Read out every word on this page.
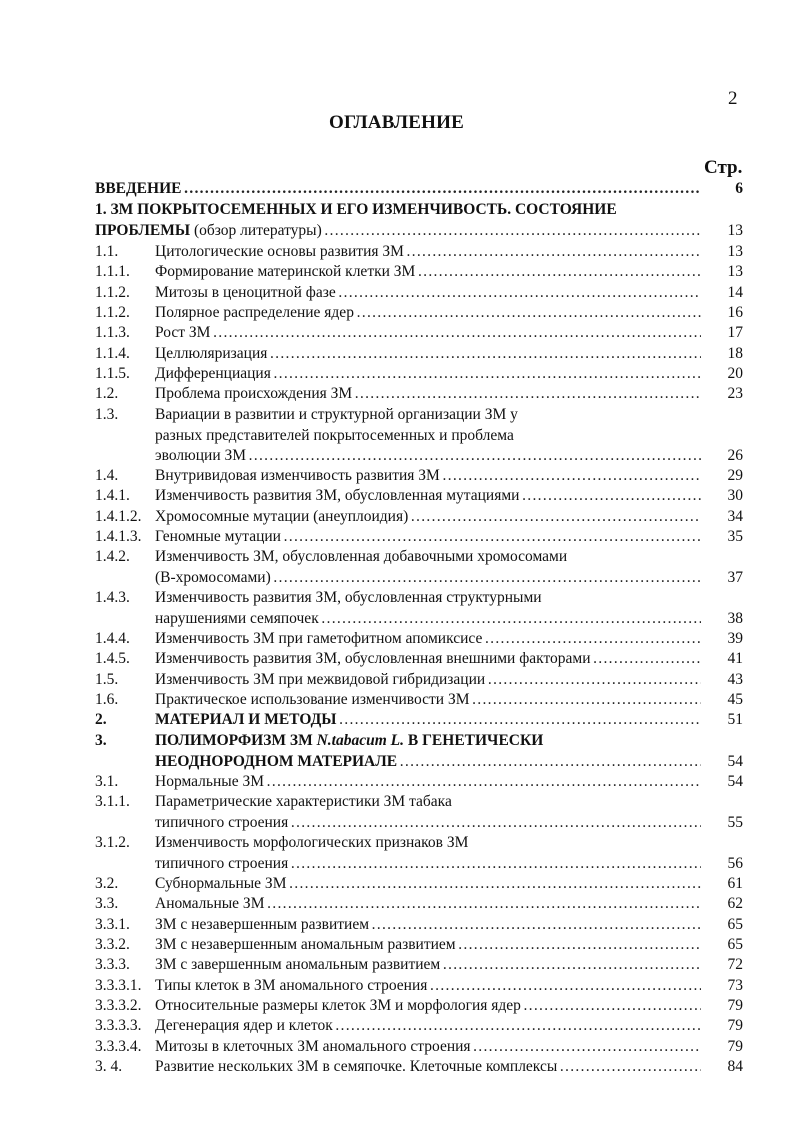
2
ОГЛАВЛЕНИЕ
Стр.
ВВЕДЕНИЕ …………………………………………………………………………………………………………………………………………………………………………	6
1. ЗМ ПОКРЫТОСЕМЕННЫХ И ЕГО ИЗМЕНЧИВОСТЬ. СОСТОЯНИЕ
ПРОБЛЕМЫ (обзор литературы) …………………………………………………………………………………………………………………………………………………………………………	13
1.1.	Цитологические основы развития ЗМ …………………………………………………………………………………………………………………………………………………………………………	13
1.1.1.	Формирование материнской клетки ЗМ …………………………………………………………………………………………………………………………………………………………………………	13
1.1.2.	Митозы в ценоцитной фазе …………………………………………………………………………………………………………………………………………………………………………	14
1.1.2.	Полярное распределение ядер …………………………………………………………………………………………………………………………………………………………………………	16
1.1.3.	Рост ЗМ …………………………………………………………………………………………………………………………………………………………………………	17
1.1.4.	Целлюляризация …………………………………………………………………………………………………………………………………………………………………………	18
1.1.5.	Дифференциация …………………………………………………………………………………………………………………………………………………………………………	20
1.2.	Проблема происхождения ЗМ …………………………………………………………………………………………………………………………………………………………………………	23
1.3.	Вариации в развитии и структурной организации ЗМ у
разных представителей покрытосеменных и проблема
эволюции ЗМ …………………………………………………………………………………………………………………………………………………………………………	26
1.4.	Внутривидовая изменчивость развития ЗМ …………………………………………………………………………………………………………………………………………………………………………	29
1.4.1.	Изменчивость развития ЗМ, обусловленная мутациями …………………………………………………………………………………………………………………………………………………………………………	30
1.4.1.2. Хромосомные мутации (анеуплоидия) …………………………………………………………………………………………………………………………………………………………………………	34
1.4.1.3. Геномные мутации …………………………………………………………………………………………………………………………………………………………………………	35
1.4.2.	Изменчивость ЗМ, обусловленная добавочными хромосомами
(В-хромосомами) …………………………………………………………………………………………………………………………………………………………………………	37
1.4.3.	Изменчивость развития ЗМ, обусловленная структурными
нарушениями семяпочек …………………………………………………………………………………………………………………………………………………………………………	38
1.4.4.	Изменчивость ЗМ при гаметофитном апомиксисе …………………………………………………………………………………………………………………………………………………………………………	39
1.4.5.	Изменчивость развития ЗМ, обусловленная внешними факторами …………………………………………………………………………………………………………………………………………………………………………	41
1.5.	Изменчивость ЗМ при межвидовой гибридизации …………………………………………………………………………………………………………………………………………………………………………	43
1.6.	Практическое использование изменчивости ЗМ …………………………………………………………………………………………………………………………………………………………………………	45
2.	МАТЕРИАЛ И МЕТОДЫ …………………………………………………………………………………………………………………………………………………………………………	51
3.	ПОЛИМОРФИЗМ ЗМ N.tabacum L. В ГЕНЕТИЧЕСКИ
НЕОДНОРОДНОМ МАТЕРИАЛЕ …………………………………………………………………………………………………………………………………………………………………………	54
3.1.	Нормальные ЗМ …………………………………………………………………………………………………………………………………………………………………………	54
3.1.1.	Параметрические характеристики ЗМ табака
типичного строения …………………………………………………………………………………………………………………………………………………………………………	55
3.1.2.	Изменчивость морфологических признаков ЗМ
типичного строения …………………………………………………………………………………………………………………………………………………………………………	56
3.2.	Субнормальные ЗМ …………………………………………………………………………………………………………………………………………………………………………	61
3.3.	Аномальные ЗМ …………………………………………………………………………………………………………………………………………………………………………	62
3.3.1.	ЗМ с незавершенным развитием …………………………………………………………………………………………………………………………………………………………………………	65
3.3.2.	ЗМ с незавершенным аномальным развитием …………………………………………………………………………………………………………………………………………………………………………	65
3.3.3.	ЗМ с завершенным аномальным развитием …………………………………………………………………………………………………………………………………………………………………………	72
3.3.3.1. Типы клеток в ЗМ аномального строения …………………………………………………………………………………………………………………………………………………………………………	73
3.3.3.2. Относительные размеры клеток ЗМ и морфология ядер …………………………………………………………………………………………………………………………………………………………………………	79
3.3.3.3. Дегенерация ядер и клеток …………………………………………………………………………………………………………………………………………………………………………	79
3.3.3.4. Митозы в клеточных ЗМ аномального строения …………………………………………………………………………………………………………………………………………………………………………	79
3. 4.	Развитие нескольких ЗМ в семяпочке. Клеточные комплексы …………………………………………………………………………………………………………………………………………………………………………	84
